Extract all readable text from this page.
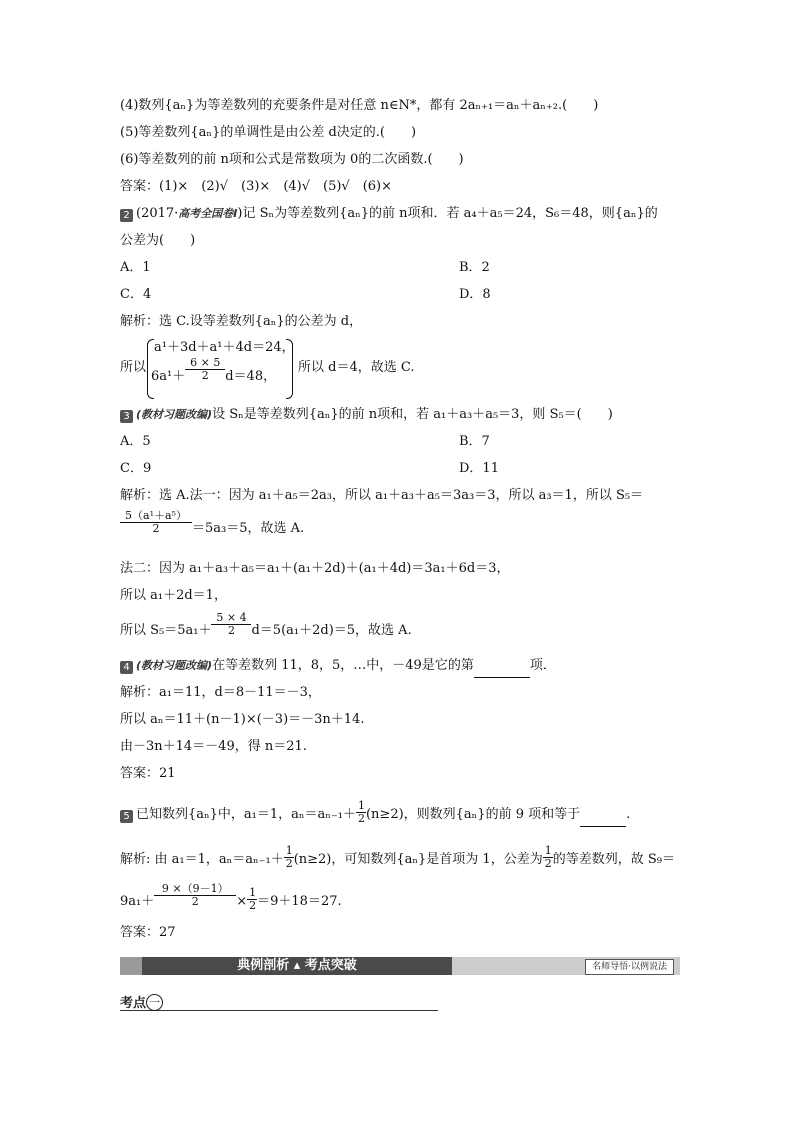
(4)数列{aₙ}为等差数列的充要条件是对任意 n∈N*，都有 2aₙ₊₁＝aₙ＋aₙ₊₂.(　　)
(5)等差数列{aₙ}的单调性是由公差 d决定的.(　　)
(6)等差数列的前 n项和公式是常数项为 0的二次函数.(　　)
答案：(1)×　(2)√　(3)×　(4)√　(5)√　(6)×
2 (2017·高考全国卷Ⅰ)记 Sₙ为等差数列{aₙ}的前 n项和．若 a₄＋a₅＝24，S₆＝48，则{aₙ}的
公差为(　　)
A．1	B．2
C．4	D．8
解析：选 C.设等差数列{aₙ}的公差为 d，
所以
a¹＋3d＋a¹＋4d＝24，
$6a^1+ \frac{6 \times 5}{2} d=48$，
所以 d＝4，故选 C.
3 (教材习题改编)设 Sₙ是等差数列{aₙ}的前 n项和，若 a₁＋a₃＋a₅＝3，则 S₅＝(　　)
A．5	B．7
C．9	D．11
解析：选 A.法一：因为 a₁＋a₅＝2a₃，所以 a₁＋a₃＋a₅＝3a₃＝3，所以 a₃＝1，所以 S₅＝
$\frac{\text{5（a¹＋a⁵）}}{2} =5a_3=5$，故选 A.
法二：因为 a₁＋a₃＋a₅＝a₁＋(a₁＋2d)＋(a₁＋4d)＝3a₁＋6d＝3，
所以 a₁＋2d＝1，
所以 $S_5=5a_1+ \frac{5 \times 4}{2} d=5(a_1+2d)=5$，故选 A.
4 (教材习题改编)在等差数列 11，8，5，…中，－49是它的第	项．
解析：a₁＝11，d＝8－11＝－3，
所以 aₙ＝11＋(n－1)×(－3)＝－3n＋14.
由－3n＋14＝－49，得 n＝21.
答案：21
5 已知数列{aₙ}中，a₁＝1，$a_n=a_{n-1}+ \frac{1}{2} (n\ge 2)$，则数列{aₙ}的前 9 项和等于	.
解析: 由 a₁＝1，$a_n=a_{n-1}+ \frac{1}{2} (n\ge 2)$，可知数列{aₙ}是首项为 1，公差为 $\frac{1}{2}$ 的等差数列，故 S₉＝
$9a_1+ \frac{9 \times(9-1)}{2} \times \frac{1}{2} =9+18=27$.
答案：27
典例剖析 ▴ 考点突破	名师导悟·以例说法
考点 一
